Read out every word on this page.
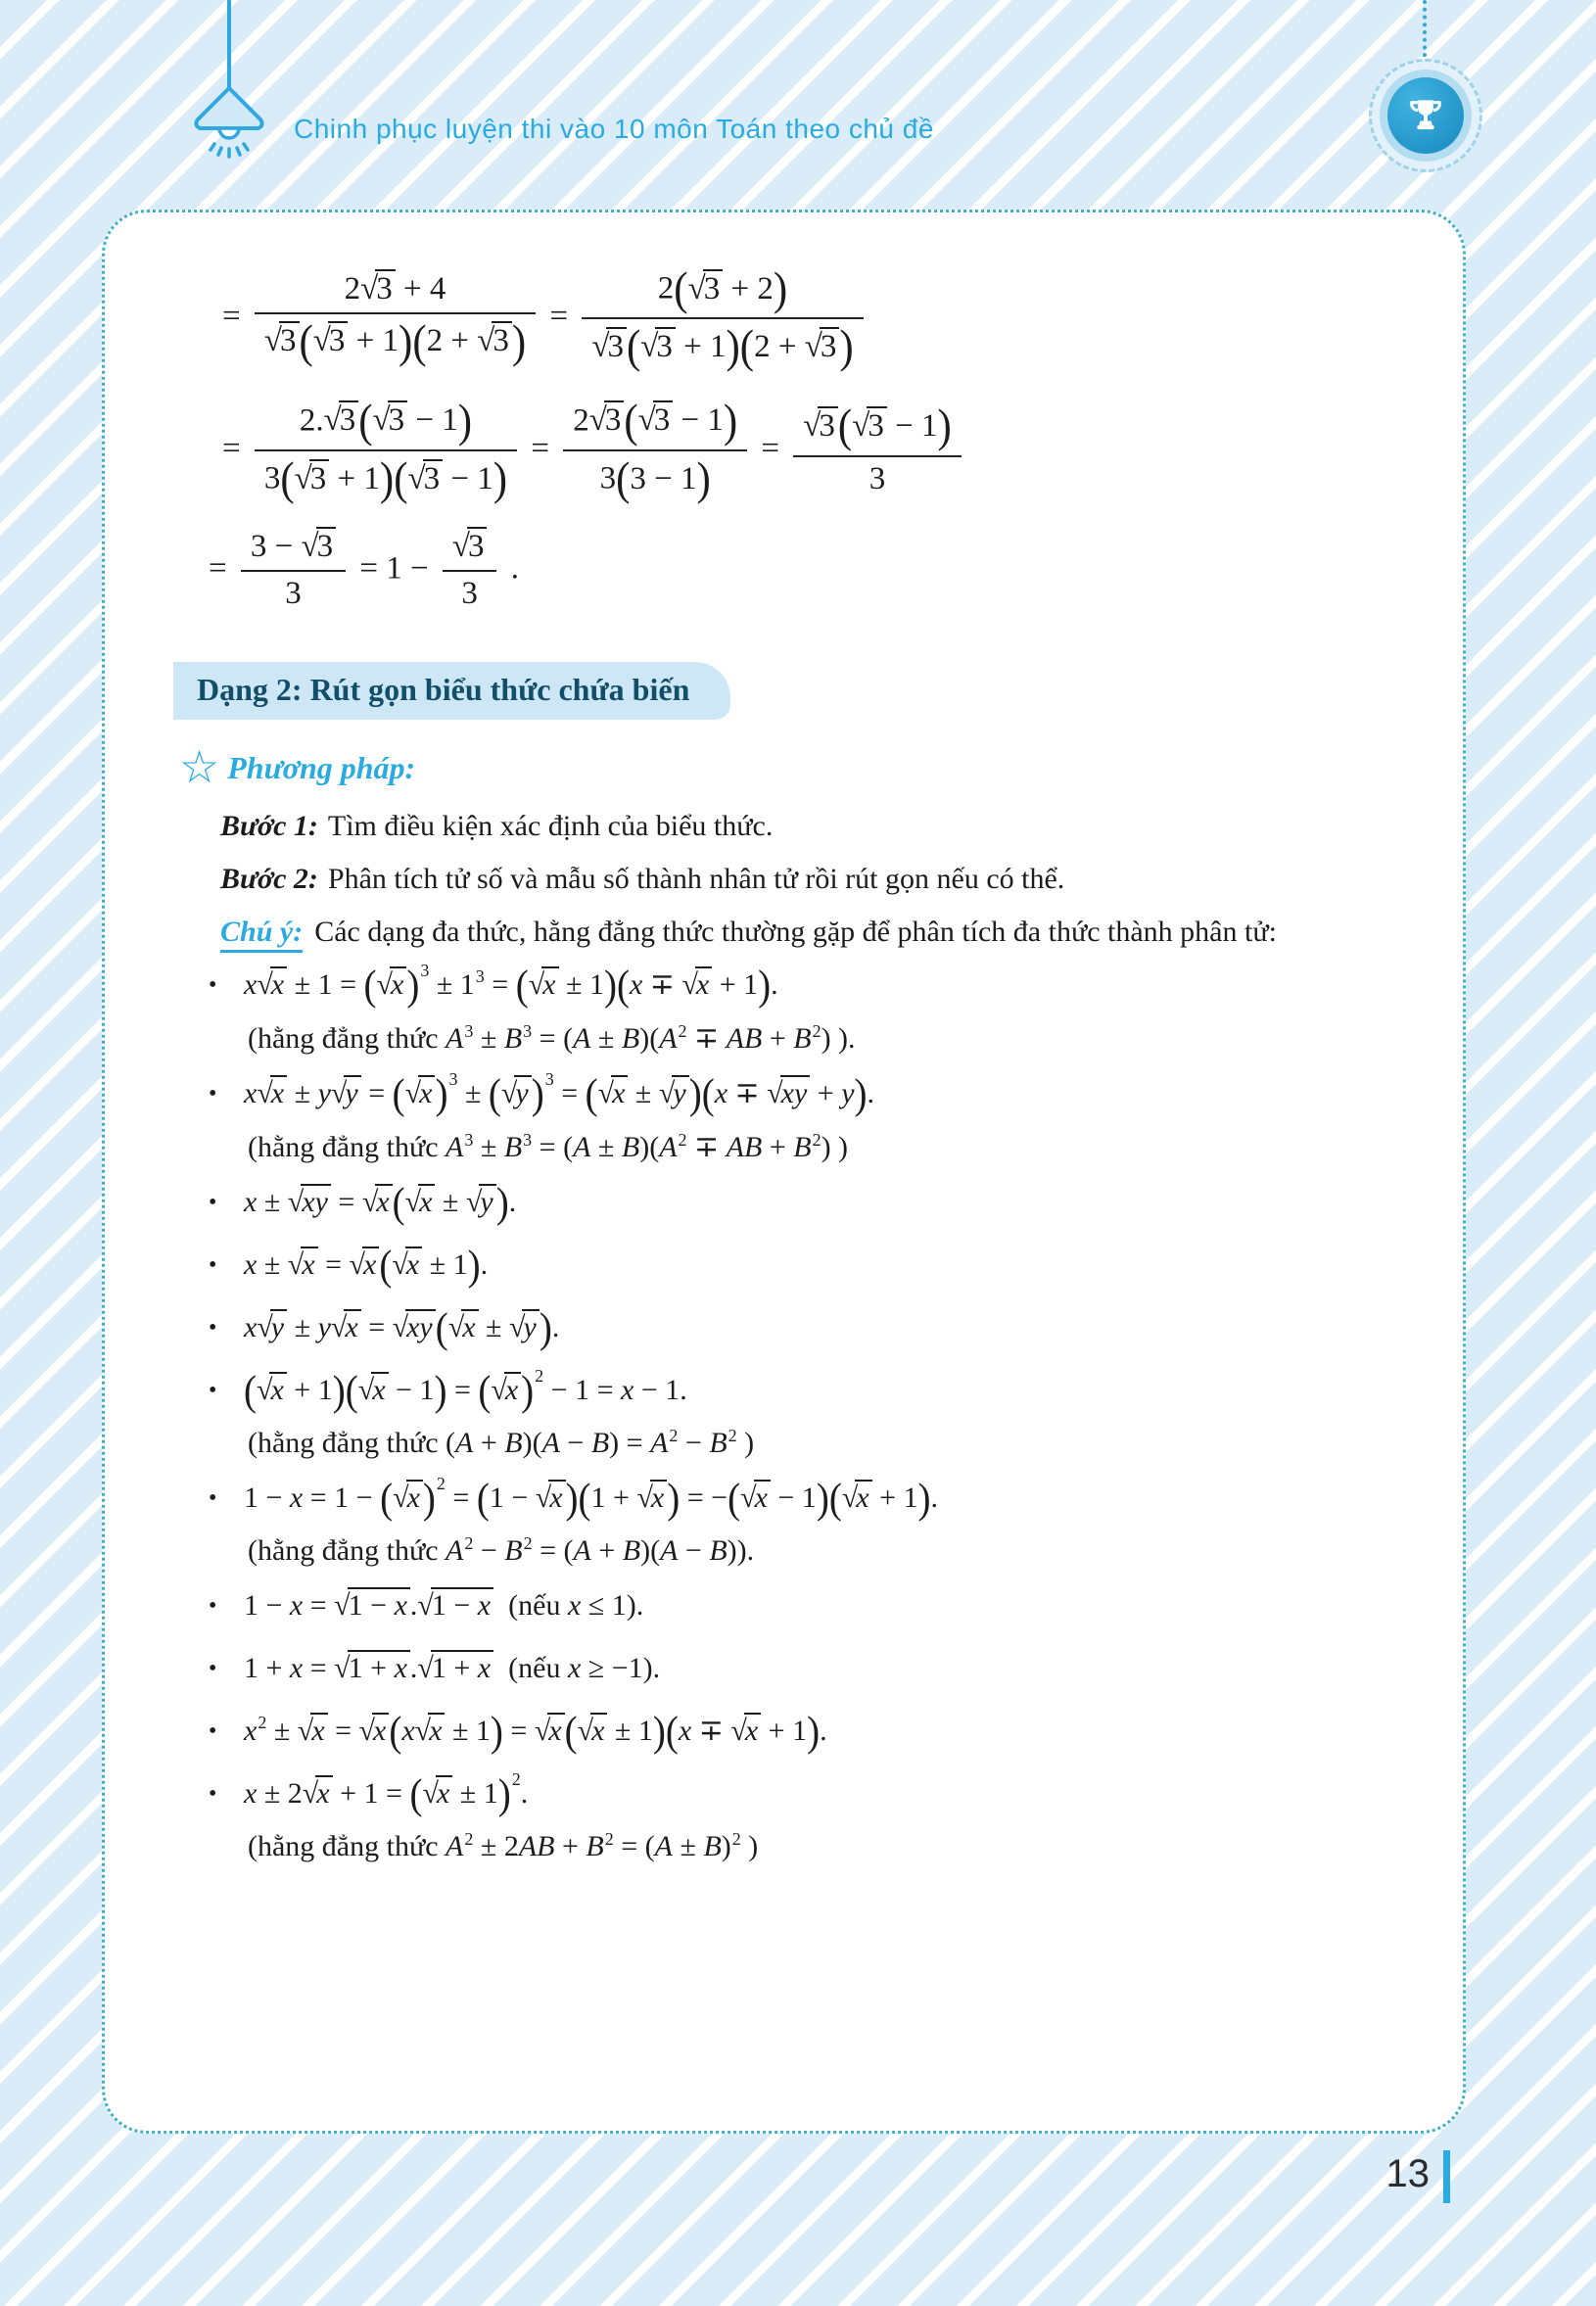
Chinh phục luyện thi vào 10 môn Toán theo chủ đề
= $\frac{2√3 + 4}{√3(√3 + 1)(2 + √3)} = \frac{2(√3 + 2)}{√3(√3 + 1)(2 + √3)}$
= $\frac{2.√3(√3 - 1)}{3(√3 + 1)(√3 - 1)} = \frac{2√3(√3 - 1)}{3(3 - 1)} = \frac{√3(√3 - 1)}{3}$
= $\frac{3 - √3}{3} = 1 - \frac{√3}{3}$ .
Dạng 2: Rút gọn biểu thức chứa biến
☆ Phương pháp:
Bước 1: Tìm điều kiện xác định của biểu thức.
Bước 2: Phân tích tử số và mẫu số thành nhân tử rồi rút gọn nếu có thể.
Chú ý: Các dạng đa thức, hằng đẳng thức thường gặp để phân tích đa thức thành phân tử:
• x√x ± 1 = (√x)3 ± 13 = (√x ± 1)(x ∓ √x + 1).
(hằng đẳng thức A3 ± B3 = (A ± B)(A2 ∓ AB + B2) ).
• x√x ± y√y = (√x)3 ± (√y)3 = (√x ± √y)(x ∓ √xy + y).
(hằng đẳng thức A3 ± B3 = (A ± B)(A2 ∓ AB + B2) )
• x ± √xy = √x(√x ± √y).
• x ± √x = √x(√x ± 1).
• x√y ± y√x = √xy(√x ± √y).
• (√x + 1)(√x − 1) = (√x)2 − 1 = x − 1.
(hằng đẳng thức (A + B)(A − B) = A2 − B2 )
• 1 − x = 1 − (√x)2 = (1 − √x)(1 + √x) = −(√x − 1)(√x + 1).
(hằng đẳng thức A2 − B2 = (A + B)(A − B)).
• 1 − x = √1 − x .√1 − x  (nếu x ≤ 1).
• 1 + x = √1 + x .√1 + x  (nếu x ≥ −1).
• x2 ± √x = √x(x√x ± 1) = √x(√x ± 1)(x ∓ √x + 1).
• x ± 2√x + 1 = (√x ± 1)2.
(hằng đẳng thức A2 ± 2AB + B2 = (A ± B)2 )
13
